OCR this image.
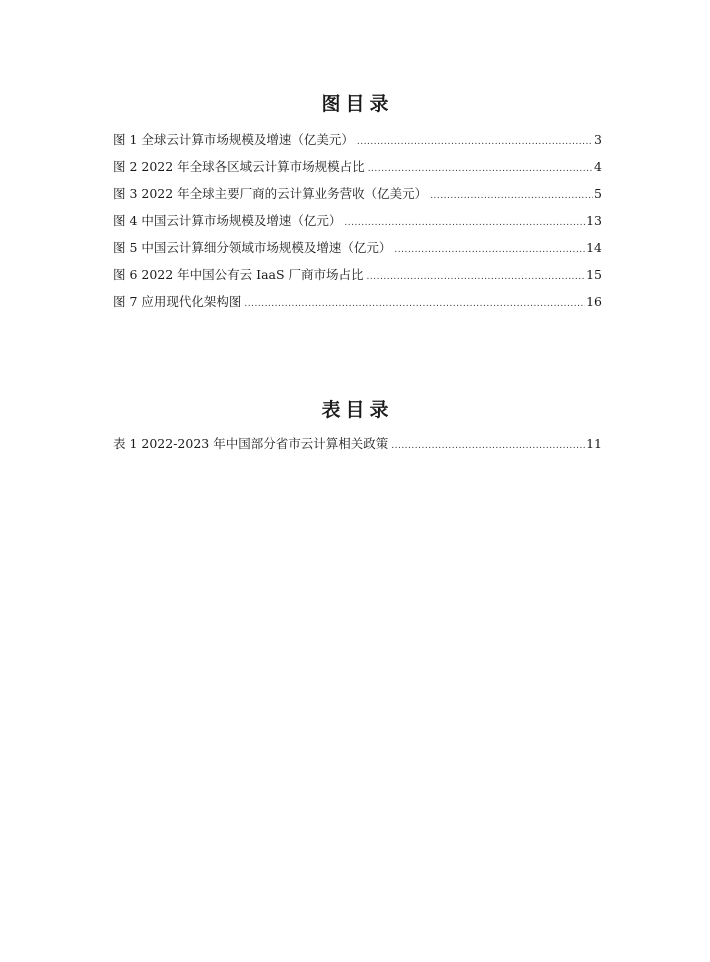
图目录
图 1 全球云计算市场规模及增速（亿美元） .....	3
图 2 2022 年全球各区域云计算市场规模占比 .....	4
图 3 2022 年全球主要厂商的云计算业务营收（亿美元） .....	5
图 4 中国云计算市场规模及增速（亿元） .....	13
图 5 中国云计算细分领域市场规模及增速（亿元） .....	14
图 6 2022 年中国公有云 IaaS 厂商市场占比 .....	15
图 7 应用现代化架构图 .....	16
表目录
表 1 2022-2023 年中国部分省市云计算相关政策 .....	11
